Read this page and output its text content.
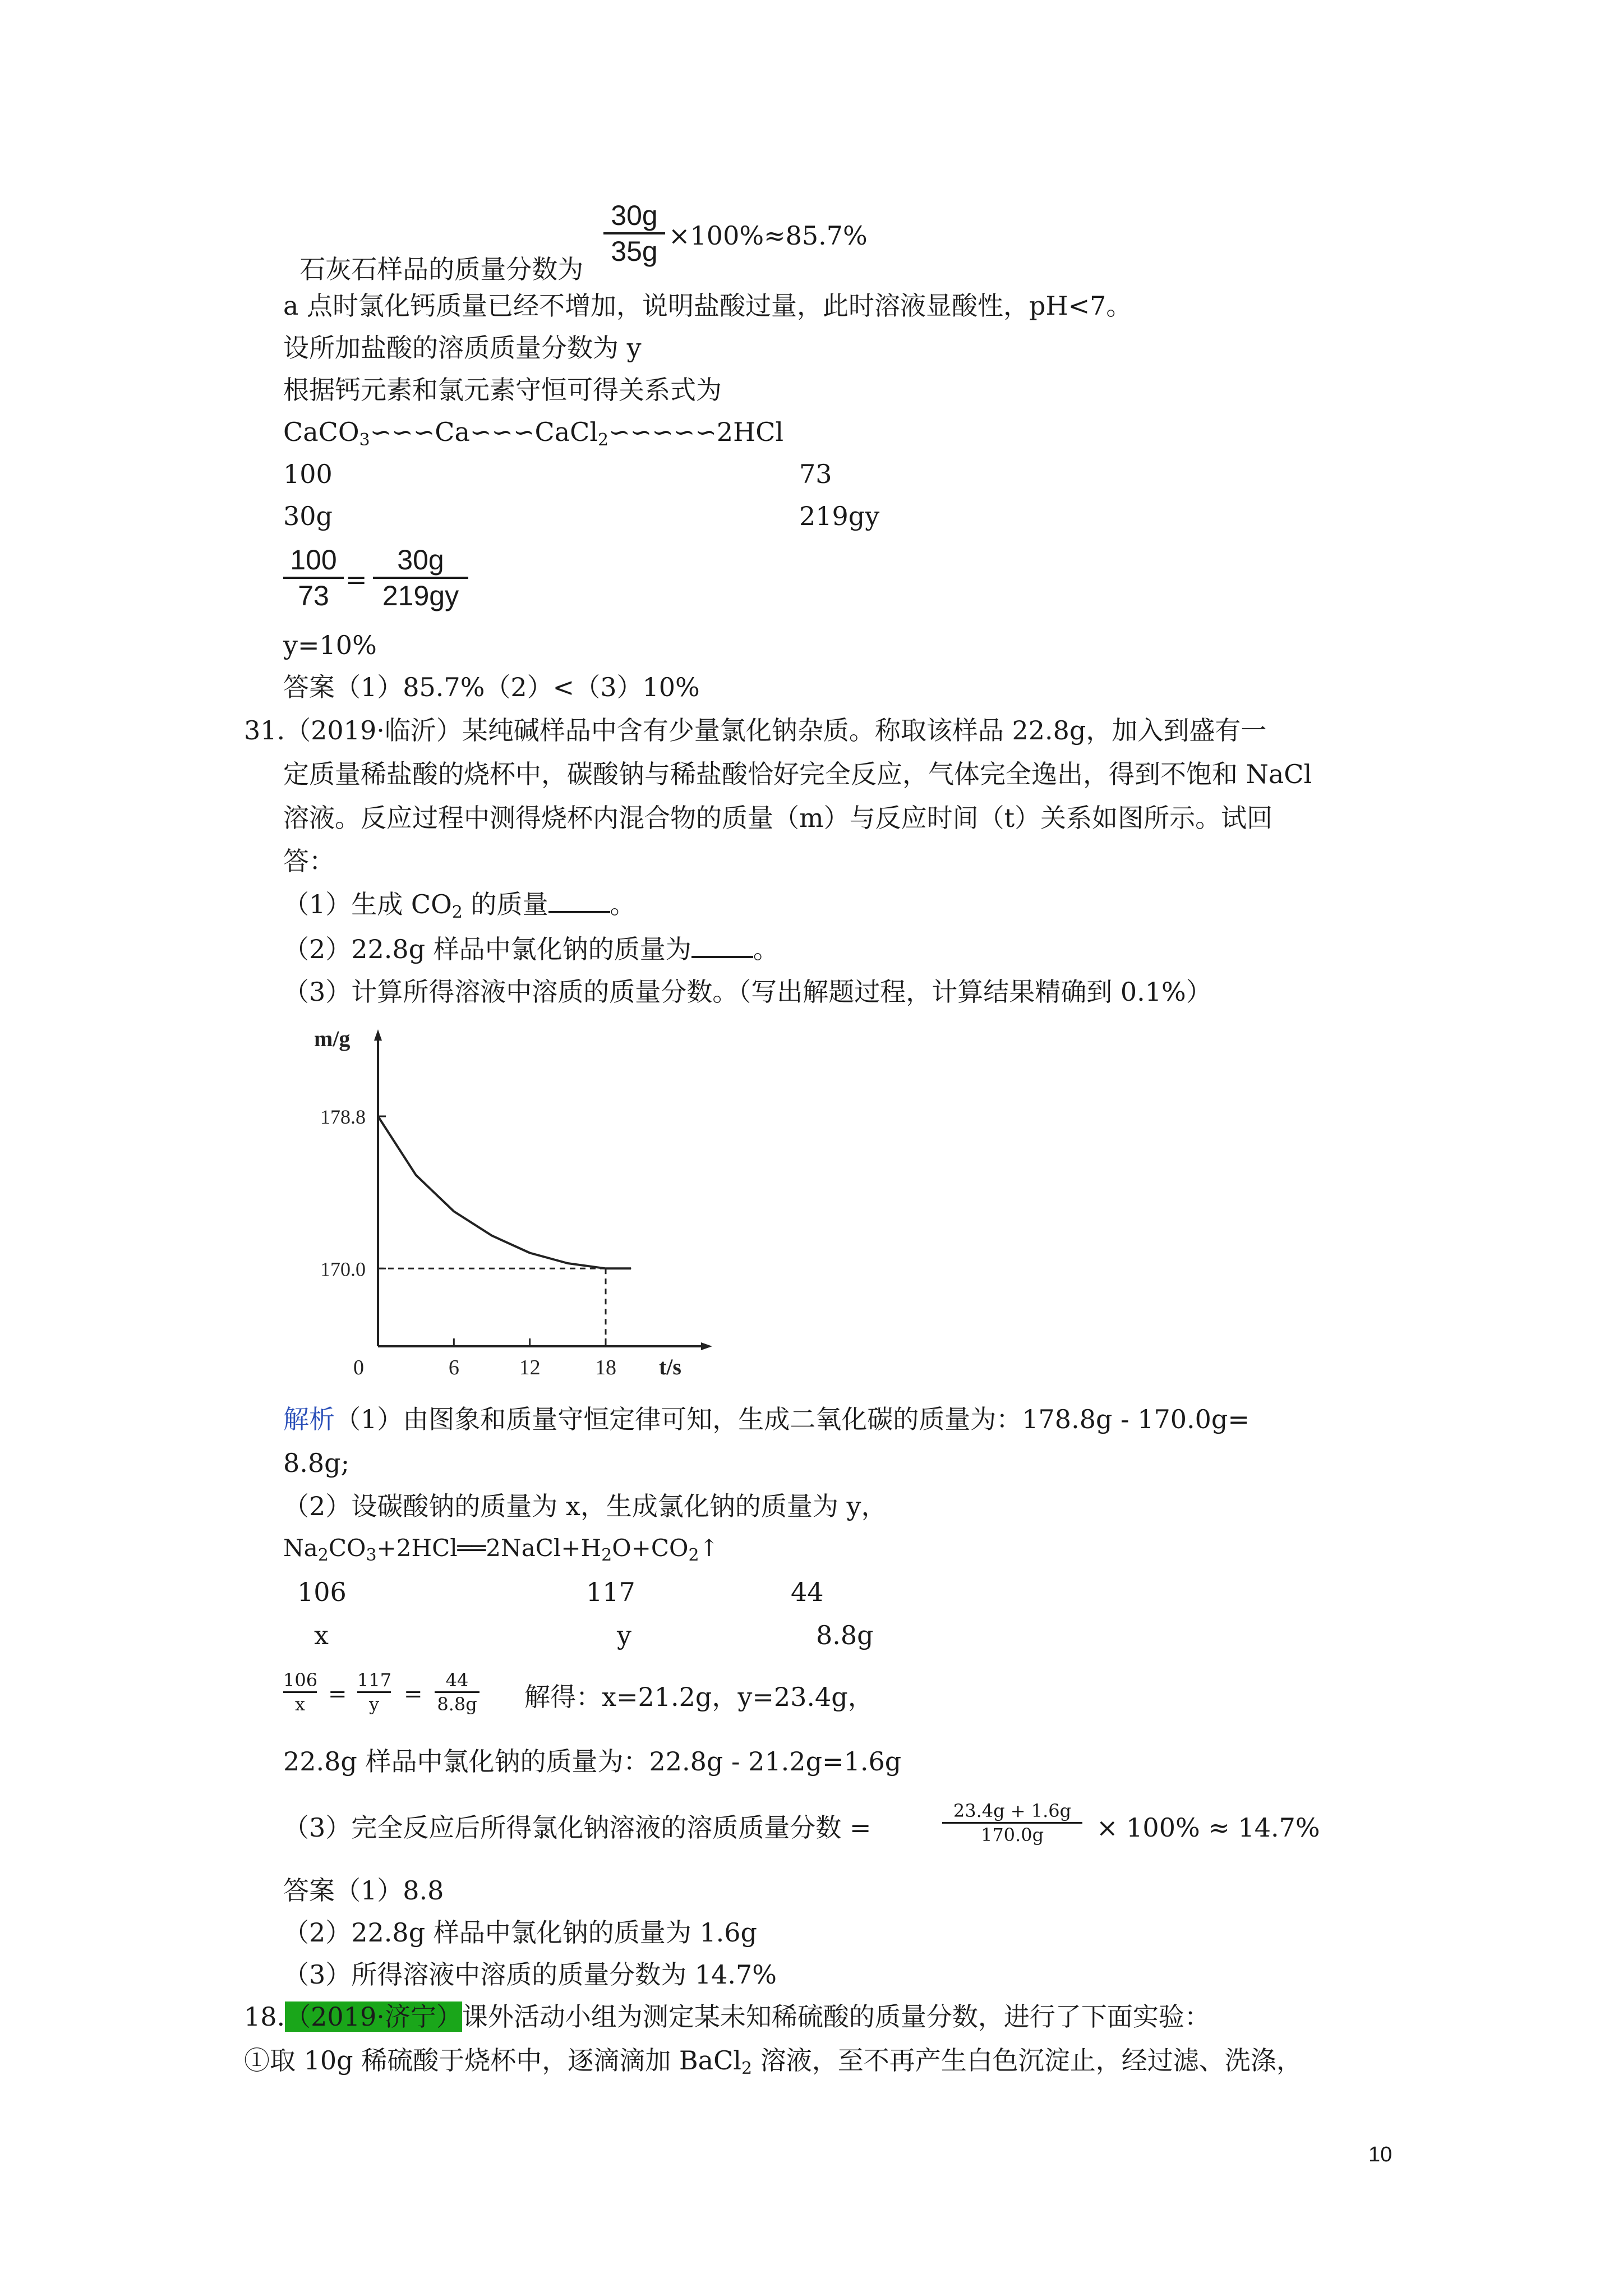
石灰石样品的质量分数为

30g
35g ×100%≈85.7%
a 点时氯化钙质量已经不增加，说明盐酸过量，此时溶液显酸性，pH<7。
设所加盐酸的溶质质量分数为 y
根据钙元素和氯元素守恒可得关系式为
CaCO$_3$∽∽∽Ca∽∽∽CaCl$_2$∽∽∽∽∽2HCl
100	73
30g	219gy
100
73
=
30g
219gy
y=10%
答案（1）85.7%（2）<（3）10%
31.（2019·临沂）某纯碱样品中含有少量氯化钠杂质。称取该样品 22.8g，加入到盛有一
定质量稀盐酸的烧杯中，碳酸钠与稀盐酸恰好完全反应，气体完全逸出，得到不饱和 NaCl
溶液。反应过程中测得烧杯内混合物的质量（m）与反应时间（t）关系如图所示。试回
答：
（1）生成 $CO_2$ 的质量 。
（2）22.8g 样品中氯化钠的质量为 。
（3）计算所得溶液中溶质的质量分数。（写出解题过程，计算结果精确到 0.1%）
m/g
t/s
0
178.8
170.0
6	12	18
解析（1）由图象和质量守恒定律可知，生成二氧化碳的质量为：178.8g - 170.0g=
8.8g;
（2）设碳酸钠的质量为 x，生成氯化钠的质量为 y，
$Na_2CO_3+2HCl══2NaCl+H_2O+CO_2↑$
106	117	44
x	y	8.8g
106
x	=
117
y	=
44
8.8g 解得：x=21.2g，y=23.4g，
22.8g 样品中氯化钠的质量为：22.8g - 21.2g=1.6g
（3）完全反应后所得氯化钠溶液的溶质质量分数 =
23.4g + 1.6g
170.0g	× 100% ≈ 14.7%
答案（1）8.8
（2）22.8g 样品中氯化钠的质量为 1.6g
（3）所得溶液中溶质的质量分数为 14.7%
18.（2019·济宁）课外活动小组为测定某未知稀硫酸的质量分数，进行了下面实验：
①取 10g 稀硫酸于烧杯中，逐滴滴加 BaCl$_2$ 溶液，至不再产生白色沉淀止，经过滤、洗涤，
10
